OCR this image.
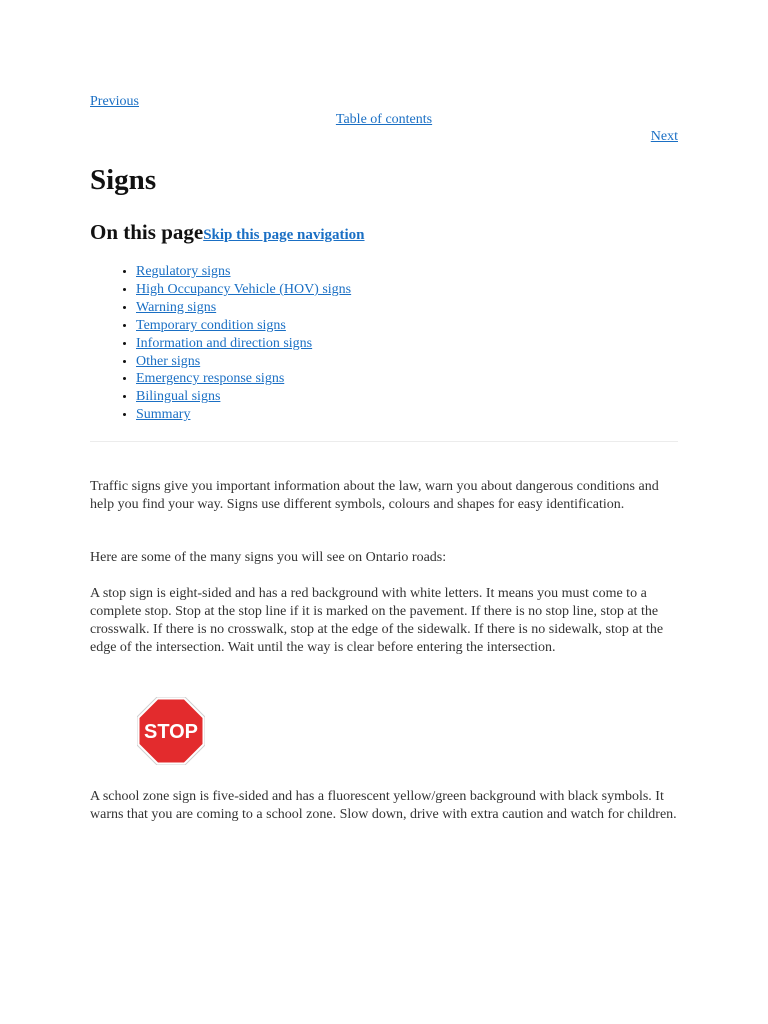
Previous
Table of contents
Next
Signs
On this pageSkip this page navigation
• Regulatory signs
• High Occupancy Vehicle (HOV) signs
• Warning signs
• Temporary condition signs
• Information and direction signs
• Other signs
• Emergency response signs
• Bilingual signs
• Summary

Traffic signs give you important information about the law, warn you about dangerous conditions and help you find your way. Signs use different symbols, colours and shapes for easy identification.

Here are some of the many signs you will see on Ontario roads:

A stop sign is eight-sided and has a red background with white letters. It means you must come to a complete stop. Stop at the stop line if it is marked on the pavement. If there is no stop line, stop at the crosswalk. If there is no crosswalk, stop at the edge of the sidewalk. If there is no sidewalk, stop at the edge of the intersection. Wait until the way is clear before entering the intersection.

STOP

A school zone sign is five-sided and has a fluorescent yellow/green background with black symbols. It warns that you are coming to a school zone. Slow down, drive with extra caution and watch for children.
